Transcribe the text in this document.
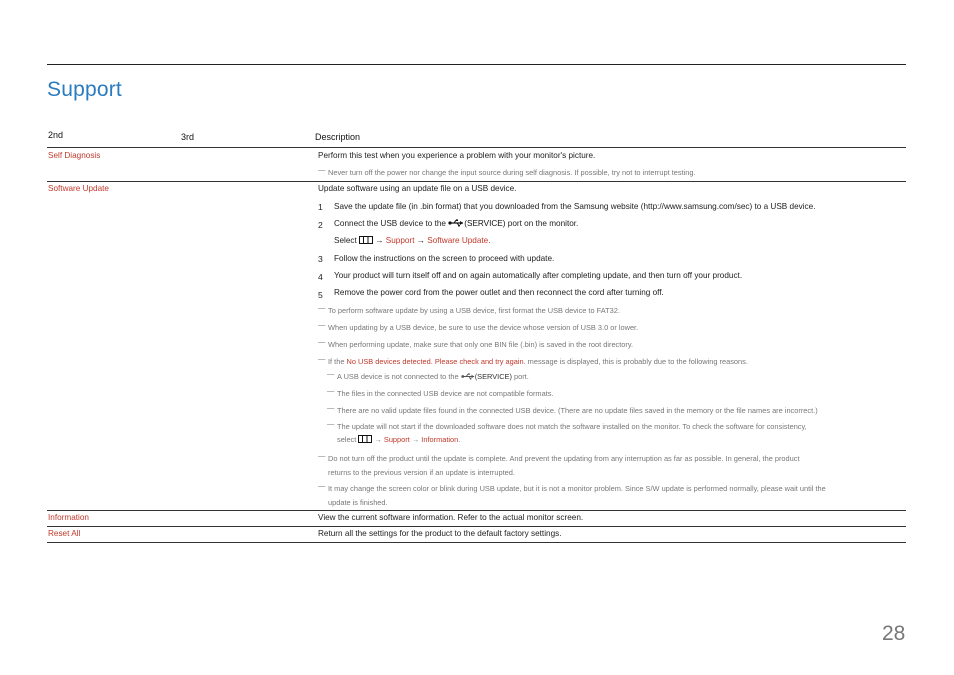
Support
2nd	3rd	Description
Self Diagnosis	Perform this test when you experience a problem with your monitor's picture.
— Never turn off the power nor change the input source during self diagnosis. If possible, try not to interrupt testing.
Software Update	Update software using an update file on a USB device.
1 Save the update file (in .bin format) that you downloaded from the Samsung website (http://www.samsung.com/sec) to a USB device.
2 Connect the USB device to the (SERVICE) port on the monitor.
Select → Support → Software Update.
3 Follow the instructions on the screen to proceed with update.
4 Your product will turn itself off and on again automatically after completing update, and then turn off your product.
5 Remove the power cord from the power outlet and then reconnect the cord after turning off.
— To perform software update by using a USB device, first format the USB device to FAT32.
— When updating by a USB device, be sure to use the device whose version of USB 3.0 or lower.
— When performing update, make sure that only one BIN file (.bin) is saved in the root directory.
— If the No USB devices detected. Please check and try again. message is displayed, this is probably due to the following reasons.
— A USB device is not connected to the (SERVICE) port.
— The files in the connected USB device are not compatible formats.
— There are no valid update files found in the connected USB device. (There are no update files saved in the memory or the file names are incorrect.)
— The update will not start if the downloaded software does not match the software installed on the monitor. To check the software for consistency,
select → Support → Information.
— Do not turn off the product until the update is complete. And prevent the updating from any interruption as far as possible. In general, the product
returns to the previous version if an update is interrupted.
— It may change the screen color or blink during USB update, but it is not a monitor problem. Since S/W update is performed normally, please wait until the
update is finished.
Information	View the current software information. Refer to the actual monitor screen.
Reset All	Return all the settings for the product to the default factory settings.
28
